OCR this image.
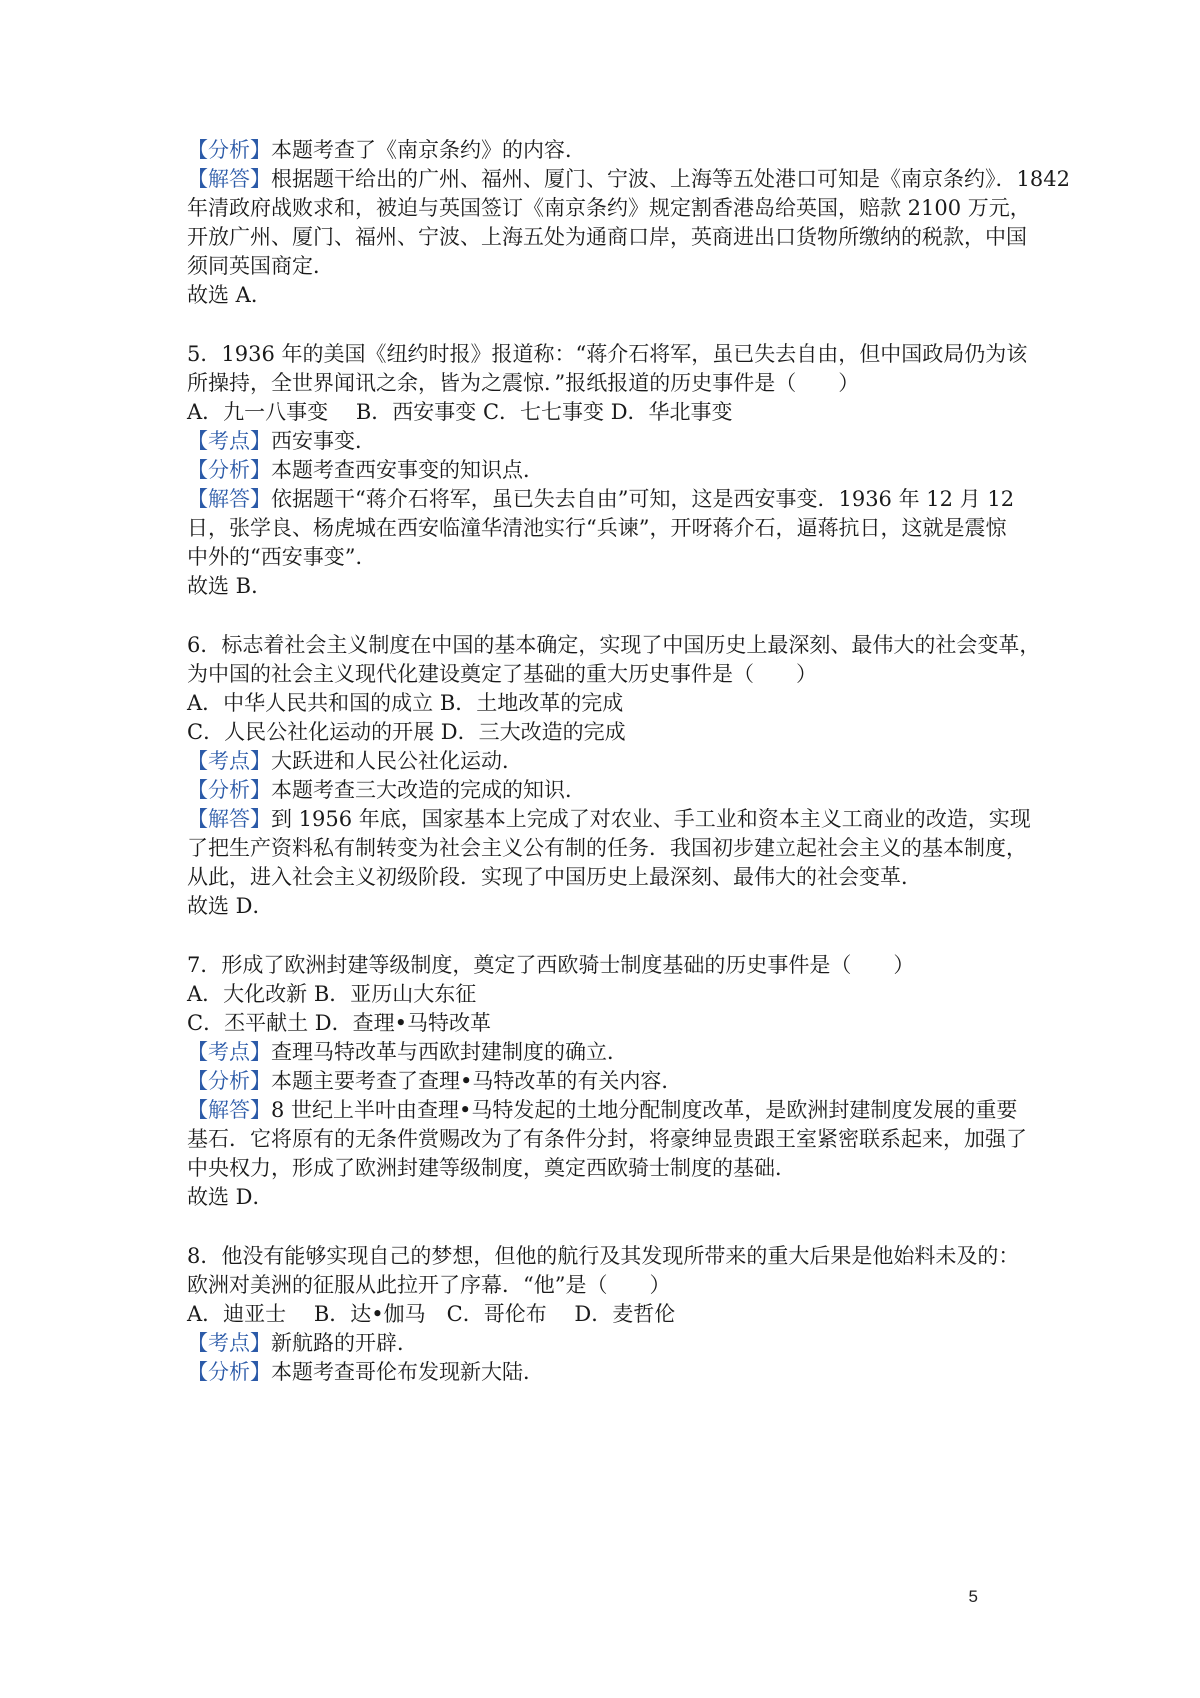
【分析】本题考查了《南京条约》的内容．
【解答】根据题干给出的广州、福州、厦门、宁波、上海等五处港口可知是《南京条约》．1842
年清政府战败求和，被迫与英国签订《南京条约》规定割香港岛给英国，赔款 2100 万元，
开放广州、厦门、福州、宁波、上海五处为通商口岸，英商进出口货物所缴纳的税款，中国
须同英国商定．
故选 A．
5．1936 年的美国《纽约时报》报道称：“蒋介石将军，虽已失去自由，但中国政局仍为该
所操持，全世界闻讯之余，皆为之震惊．”报纸报道的历史事件是（　　）
A．九一八事变　 B．西安事变 C．七七事变 D．华北事变
【考点】西安事变．
【分析】本题考查西安事变的知识点．
【解答】依据题干“蒋介石将军，虽已失去自由”可知，这是西安事变．1936 年 12 月 12
日，张学良、杨虎城在西安临潼华清池实行“兵谏”，开呀蒋介石，逼蒋抗日，这就是震惊
中外的“西安事变”．
故选 B．
6．标志着社会主义制度在中国的基本确定，实现了中国历史上最深刻、最伟大的社会变革，
为中国的社会主义现代化建设奠定了基础的重大历史事件是（　　）
A．中华人民共和国的成立 B．土地改革的完成
C．人民公社化运动的开展 D．三大改造的完成
【考点】大跃进和人民公社化运动．
【分析】本题考查三大改造的完成的知识．
【解答】到 1956 年底，国家基本上完成了对农业、手工业和资本主义工商业的改造，实现
了把生产资料私有制转变为社会主义公有制的任务．我国初步建立起社会主义的基本制度，
从此，进入社会主义初级阶段．实现了中国历史上最深刻、最伟大的社会变革．
故选 D．
7．形成了欧洲封建等级制度，奠定了西欧骑士制度基础的历史事件是（　　）
A．大化改新 B．亚历山大东征
C．丕平献土 D．查理•马特改革
【考点】查理马特改革与西欧封建制度的确立．
【分析】本题主要考查了查理•马特改革的有关内容．
【解答】8 世纪上半叶由查理•马特发起的土地分配制度改革，是欧洲封建制度发展的重要
基石．它将原有的无条件赏赐改为了有条件分封，将豪绅显贵跟王室紧密联系起来，加强了
中央权力，形成了欧洲封建等级制度，奠定西欧骑士制度的基础．
故选 D．
8．他没有能够实现自己的梦想，但他的航行及其发现所带来的重大后果是他始料未及的：
欧洲对美洲的征服从此拉开了序幕．“他”是（　　）
A．迪亚士　 B．达•伽马　C．哥伦布　 D．麦哲伦
【考点】新航路的开辟．
【分析】本题考查哥伦布发现新大陆．
5
